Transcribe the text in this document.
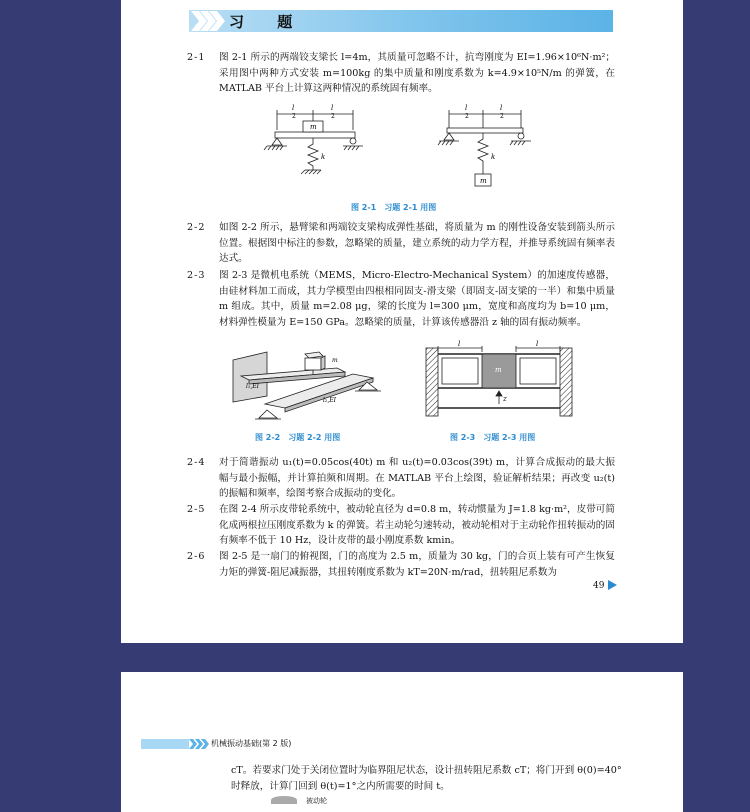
习 题
2-1	图 2-1 所示的两端铰支梁长 l=4m，其质量可忽略不计，抗弯刚度为 EI=1.96×10⁶N·m²；采用图中两种方式安装 m=100kg 的集中质量和刚度系数为 k=4.9×10⁵N/m 的弹簧，在 MATLAB 平台上计算这两种情况的系统固有频率。
l
2
l
2
m
k
l
2
l
2
k
m
图 2-1　习题 2-1 用图
2-2	如图 2-2 所示，悬臂梁和两端铰支梁构成弹性基础，将质量为 m 的刚性设备安装到箭头所示位置。根据图中标注的参数，忽略梁的质量，建立系统的动力学方程，并推导系统固有频率表达式。
2-3	图 2-3 是微机电系统（MEMS，Micro-Electro-Mechanical System）的加速度传感器，由硅材料加工而成，其力学模型由四根相同固支-滑支梁（即固支-固支梁的一半）和集中质量 m 组成。其中，质量 m=2.08 μg，梁的长度为 l=300 μm，宽度和高度均为 b=10 μm，材料弹性模量为 E=150 GPa。忽略梁的质量，计算该传感器沿 z 轴的固有振动频率。
m
l₁,EI
l₂,EI
图 2-2　习题 2-2 用图
l	l
m
z
图 2-3　习题 2-3 用图
2-4	对于简谐振动 u₁(t)=0.05cos(40t) m 和 u₂(t)=0.03cos(39t) m，计算合成振动的最大振幅与最小振幅，并计算拍频和周期。在 MATLAB 平台上绘图，验证解析结果；再改变 u₂(t) 的振幅和频率，绘图考察合成振动的变化。
2-5	在图 2-4 所示皮带轮系统中，被动轮直径为 d=0.8 m，转动惯量为 J=1.8 kg·m²，皮带可简化成两根拉压刚度系数为 k 的弹簧。若主动轮匀速转动，被动轮相对于主动轮作扭转振动的固有频率不低于 10 Hz，设计皮带的最小刚度系数 kmin。
2-6	图 2-5 是一扇门的俯视图，门的高度为 2.5 m，质量为 30 kg，门的合页上装有可产生恢复力矩的弹簧-阻尼减振器，其扭转刚度系数为 kT=20N·m/rad，扭转阻尼系数为
49
机械振动基础(第 2 版)
cT。若要求门处于关闭位置时为临界阻尼状态，设计扭转阻尼系数 cT；将门开到 θ(0)=40°时释放，计算门回到 θ(t)=1°之内所需要的时间 t。
被动轮
